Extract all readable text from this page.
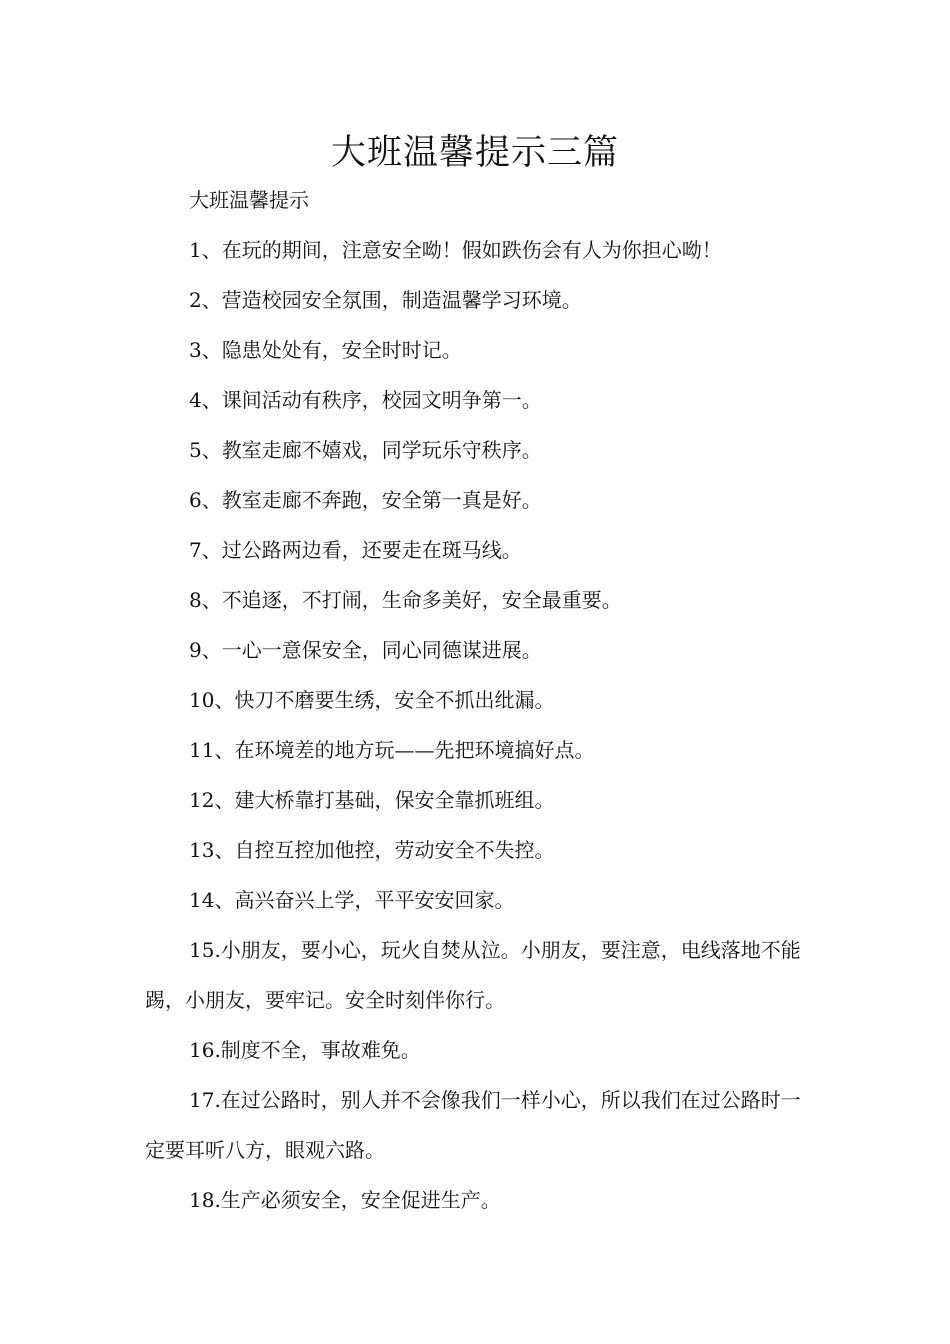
大班温馨提示三篇

大班温馨提示

1、在玩的期间，注意安全呦！假如跌伤会有人为你担心呦！

2、营造校园安全氛围，制造温馨学习环境。

3、隐患处处有，安全时时记。

4、课间活动有秩序，校园文明争第一。

5、教室走廊不嬉戏，同学玩乐守秩序。

6、教室走廊不奔跑，安全第一真是好。

7、过公路两边看，还要走在斑马线。

8、不追逐，不打闹，生命多美好，安全最重要。

9、一心一意保安全，同心同德谋进展。

10、快刀不磨要生绣，安全不抓出纰漏。

11、在环境差的地方玩——先把环境搞好点。

12、建大桥靠打基础，保安全靠抓班组。

13、自控互控加他控，劳动安全不失控。

14、高兴奋兴上学，平平安安回家。

15.小朋友，要小心，玩火自焚从泣。小朋友，要注意，电线落地不能踢，小朋友，要牢记。安全时刻伴你行。

16.制度不全，事故难免。

17.在过公路时，别人并不会像我们一样小心，所以我们在过公路时一定要耳听八方，眼观六路。

18.生产必须安全，安全促进生产。
